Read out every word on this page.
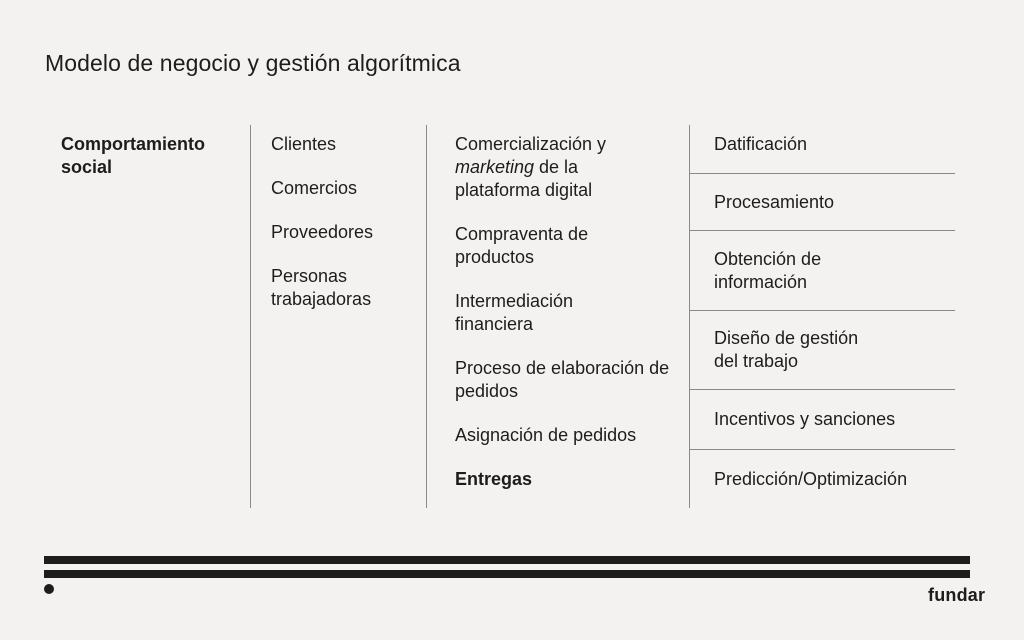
Modelo de negocio y gestión algorítmica
Comportamiento
social
Clientes
Comercios
Proveedores
Personas trabajadoras
Comercialización y
marketing de la
plataforma digital
Compraventa de productos
Intermediación financiera
Proceso de elaboración de pedidos
Asignación de pedidos
Entregas
Datificación
Procesamiento
Obtención de información
Diseño de gestión del trabajo
Incentivos y sanciones
Predicción/Optimización
fundar
